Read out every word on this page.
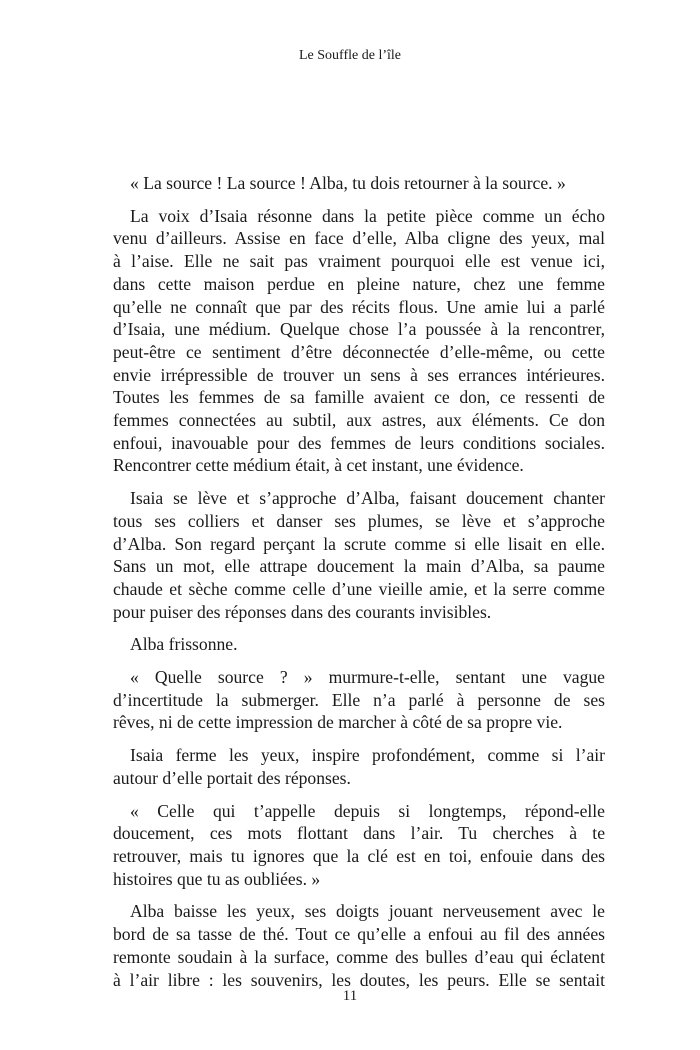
Le Souffle de l’île

« La source ! La source ! Alba, tu dois retourner à la source. »

La voix d’Isaia résonne dans la petite pièce comme un écho
venu d’ailleurs. Assise en face d’elle, Alba cligne des yeux, mal
à l’aise. Elle ne sait pas vraiment pourquoi elle est venue ici,
dans cette maison perdue en pleine nature, chez une femme
qu’elle ne connaît que par des récits flous. Une amie lui a parlé
d’Isaia, une médium. Quelque chose l’a poussée à la rencontrer,
peut-être ce sentiment d’être déconnectée d’elle-même, ou cette
envie irrépressible de trouver un sens à ses errances intérieures.
Toutes les femmes de sa famille avaient ce don, ce ressenti de
femmes connectées au subtil, aux astres, aux éléments. Ce don
enfoui, inavouable pour des femmes de leurs conditions sociales.
Rencontrer cette médium était, à cet instant, une évidence.

Isaia se lève et s’approche d’Alba, faisant doucement chanter
tous ses colliers et danser ses plumes, se lève et s’approche
d’Alba. Son regard perçant la scrute comme si elle lisait en elle.
Sans un mot, elle attrape doucement la main d’Alba, sa paume
chaude et sèche comme celle d’une vieille amie, et la serre comme
pour puiser des réponses dans des courants invisibles.

Alba frissonne.

« Quelle source ? » murmure-t-elle, sentant une vague
d’incertitude la submerger. Elle n’a parlé à personne de ses
rêves, ni de cette impression de marcher à côté de sa propre vie.

Isaia ferme les yeux, inspire profondément, comme si l’air
autour d’elle portait des réponses.

« Celle qui t’appelle depuis si longtemps, répond-elle
doucement, ces mots flottant dans l’air. Tu cherches à te
retrouver, mais tu ignores que la clé est en toi, enfouie dans des
histoires que tu as oubliées. »

Alba baisse les yeux, ses doigts jouant nerveusement avec le
bord de sa tasse de thé. Tout ce qu’elle a enfoui au fil des années
remonte soudain à la surface, comme des bulles d’eau qui éclatent
à l’air libre : les souvenirs, les doutes, les peurs. Elle se sentait

11
